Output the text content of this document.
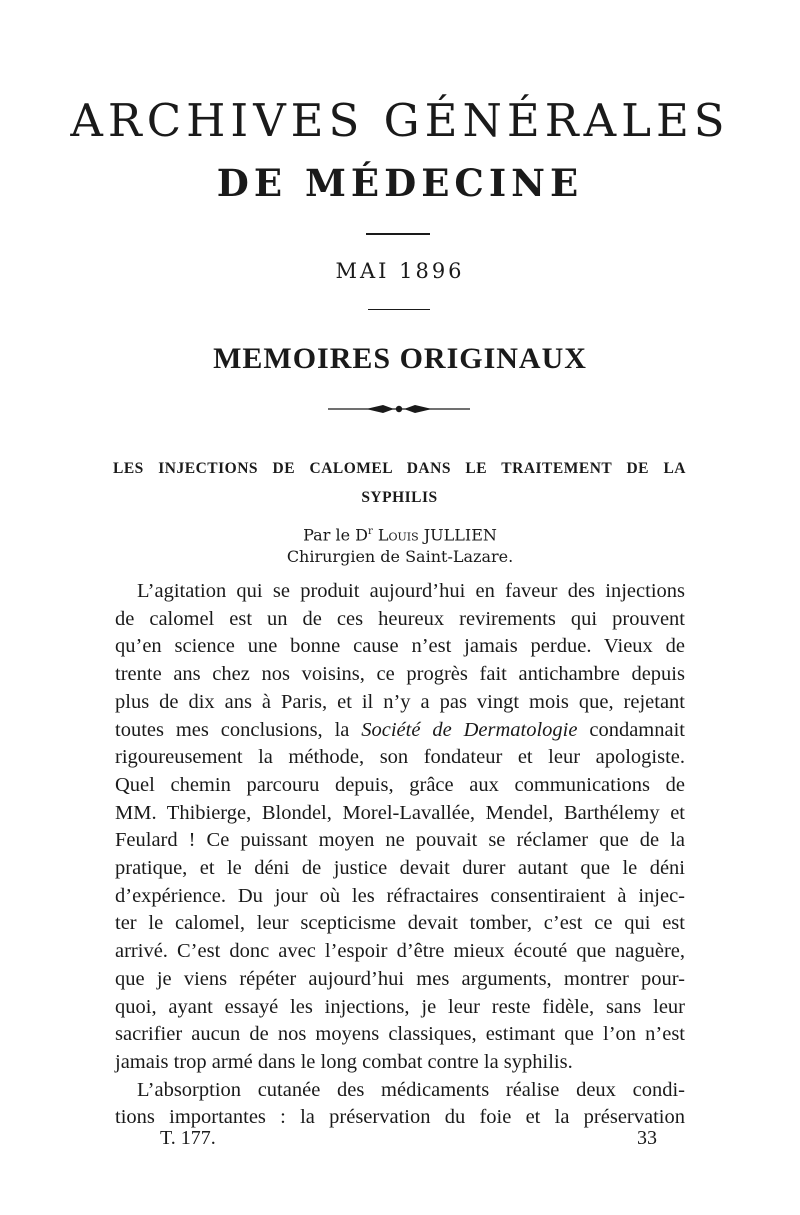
ARCHIVES GÉNÉRALES
DE MÉDECINE
MAI 1896
MEMOIRES ORIGINAUX
LES INJECTIONS DE CALOMEL DANS LE TRAITEMENT DE LA
SYPHILIS
Par le $D^r$ Louis JULLIEN
Chirurgien de Saint-Lazare.
L’agitation qui se produit aujourd’hui en faveur des injections
de calomel est un de ces heureux revirements qui prouvent
qu’en science une bonne cause n’est jamais perdue. Vieux de
trente ans chez nos voisins, ce progrès fait antichambre depuis
plus de dix ans à Paris, et il n’y a pas vingt mois que, rejetant
toutes mes conclusions, la Société de Dermatologie condamnait
rigoureusement la méthode, son fondateur et leur apologiste.
Quel chemin parcouru depuis, grâce aux communications de
MM. Thibierge, Blondel, Morel-Lavallée, Mendel, Barthélemy et
Feulard ! Ce puissant moyen ne pouvait se réclamer que de la
pratique, et le déni de justice devait durer autant que le déni
d’expérience. Du jour où les réfractaires consentiraient à injec-
ter le calomel, leur scepticisme devait tomber, c’est ce qui est
arrivé. C’est donc avec l’espoir d’être mieux écouté que naguère,
que je viens répéter aujourd’hui mes arguments, montrer pour-
quoi, ayant essayé les injections, je leur reste fidèle, sans leur
sacrifier aucun de nos moyens classiques, estimant que l’on n’est
jamais trop armé dans le long combat contre la syphilis.
L’absorption cutanée des médicaments réalise deux condi-
tions importantes : la préservation du foie et la préservation
T. 177.	33
